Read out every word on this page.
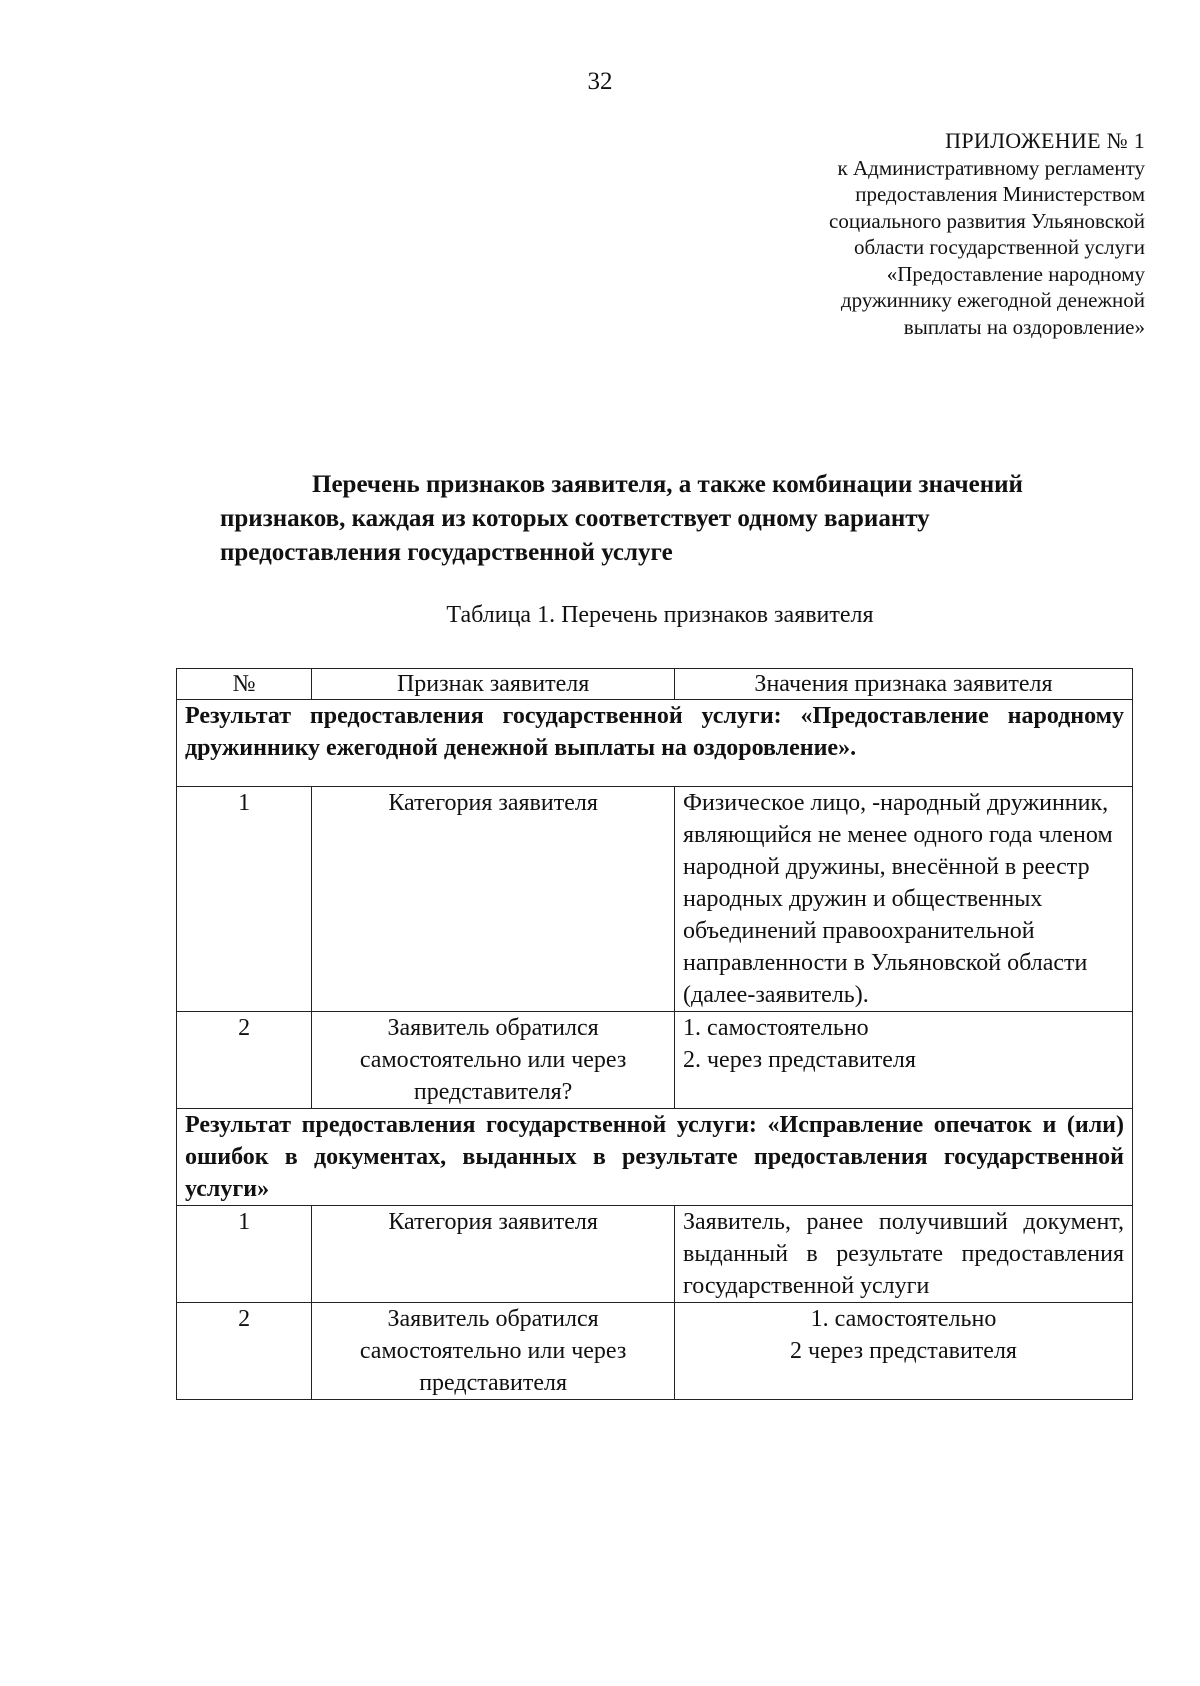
32
ПРИЛОЖЕНИЕ № 1
к Административному регламенту
предоставления Министерством
социального развития Ульяновской
области государственной услуги
«Предоставление народному
дружиннику ежегодной денежной
выплаты на оздоровление»
Перечень признаков заявителя, а также комбинации значений
признаков, каждая из которых соответствует одному варианту
предоставления государственной услуге
Таблица 1. Перечень признаков заявителя
№	Признак заявителя	Значения признака заявителя
Результат предоставления государственной услуги: «Предоставление народному дружиннику ежегодной денежной выплаты на оздоровление».		
1	Категория заявителя	Физическое лицо, -народный дружинник, являющийся не менее одного года членом народной дружины, внесённой в реестр народных дружин и общественных объединений правоохранительной направленности в Ульяновской области (далее-заявитель).
2	Заявитель обратился самостоятельно или через представителя?	1. самостоятельно
2. через представителя

Результат предоставления государственной услуги: «Исправление опечаток и (или) ошибок в документах, выданных в результате предоставления государственной услуги»		
1	Категория заявителя	Заявитель, ранее получивший документ, выданный в результате предоставления государственной услуги
2	Заявитель обратился самостоятельно или через представителя	1. самостоятельно
2 через представителя
